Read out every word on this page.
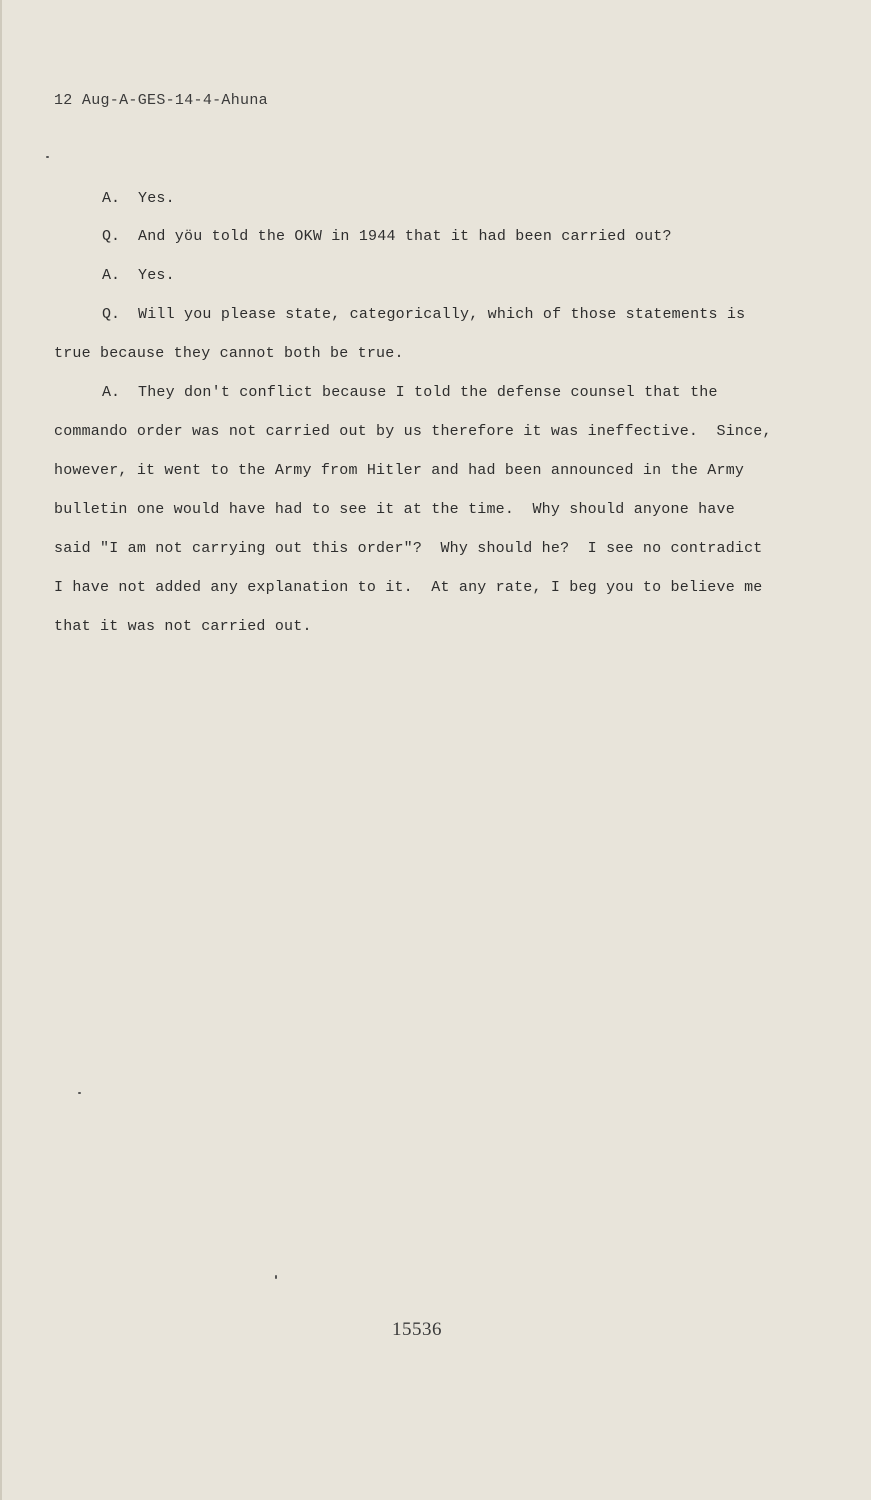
12 Aug-A-GES-14-4-Ahuna
A. Yes.
Q. And yöu told the OKW in 1944 that it had been carried out?
A. Yes.
Q. Will you please state, categorically, which of those statements is
true because they cannot both be true.
A. They don't conflict because I told the defense counsel that the
commando order was not carried out by us therefore it was ineffective.  Since,
however, it went to the Army from Hitler and had been announced in the Army
bulletin one would have had to see it at the time.  Why should anyone have
said "I am not carrying out this order"?  Why should he?  I see no contradict
I have not added any explanation to it.  At any rate, I beg you to believe me
that it was not carried out.
15536
